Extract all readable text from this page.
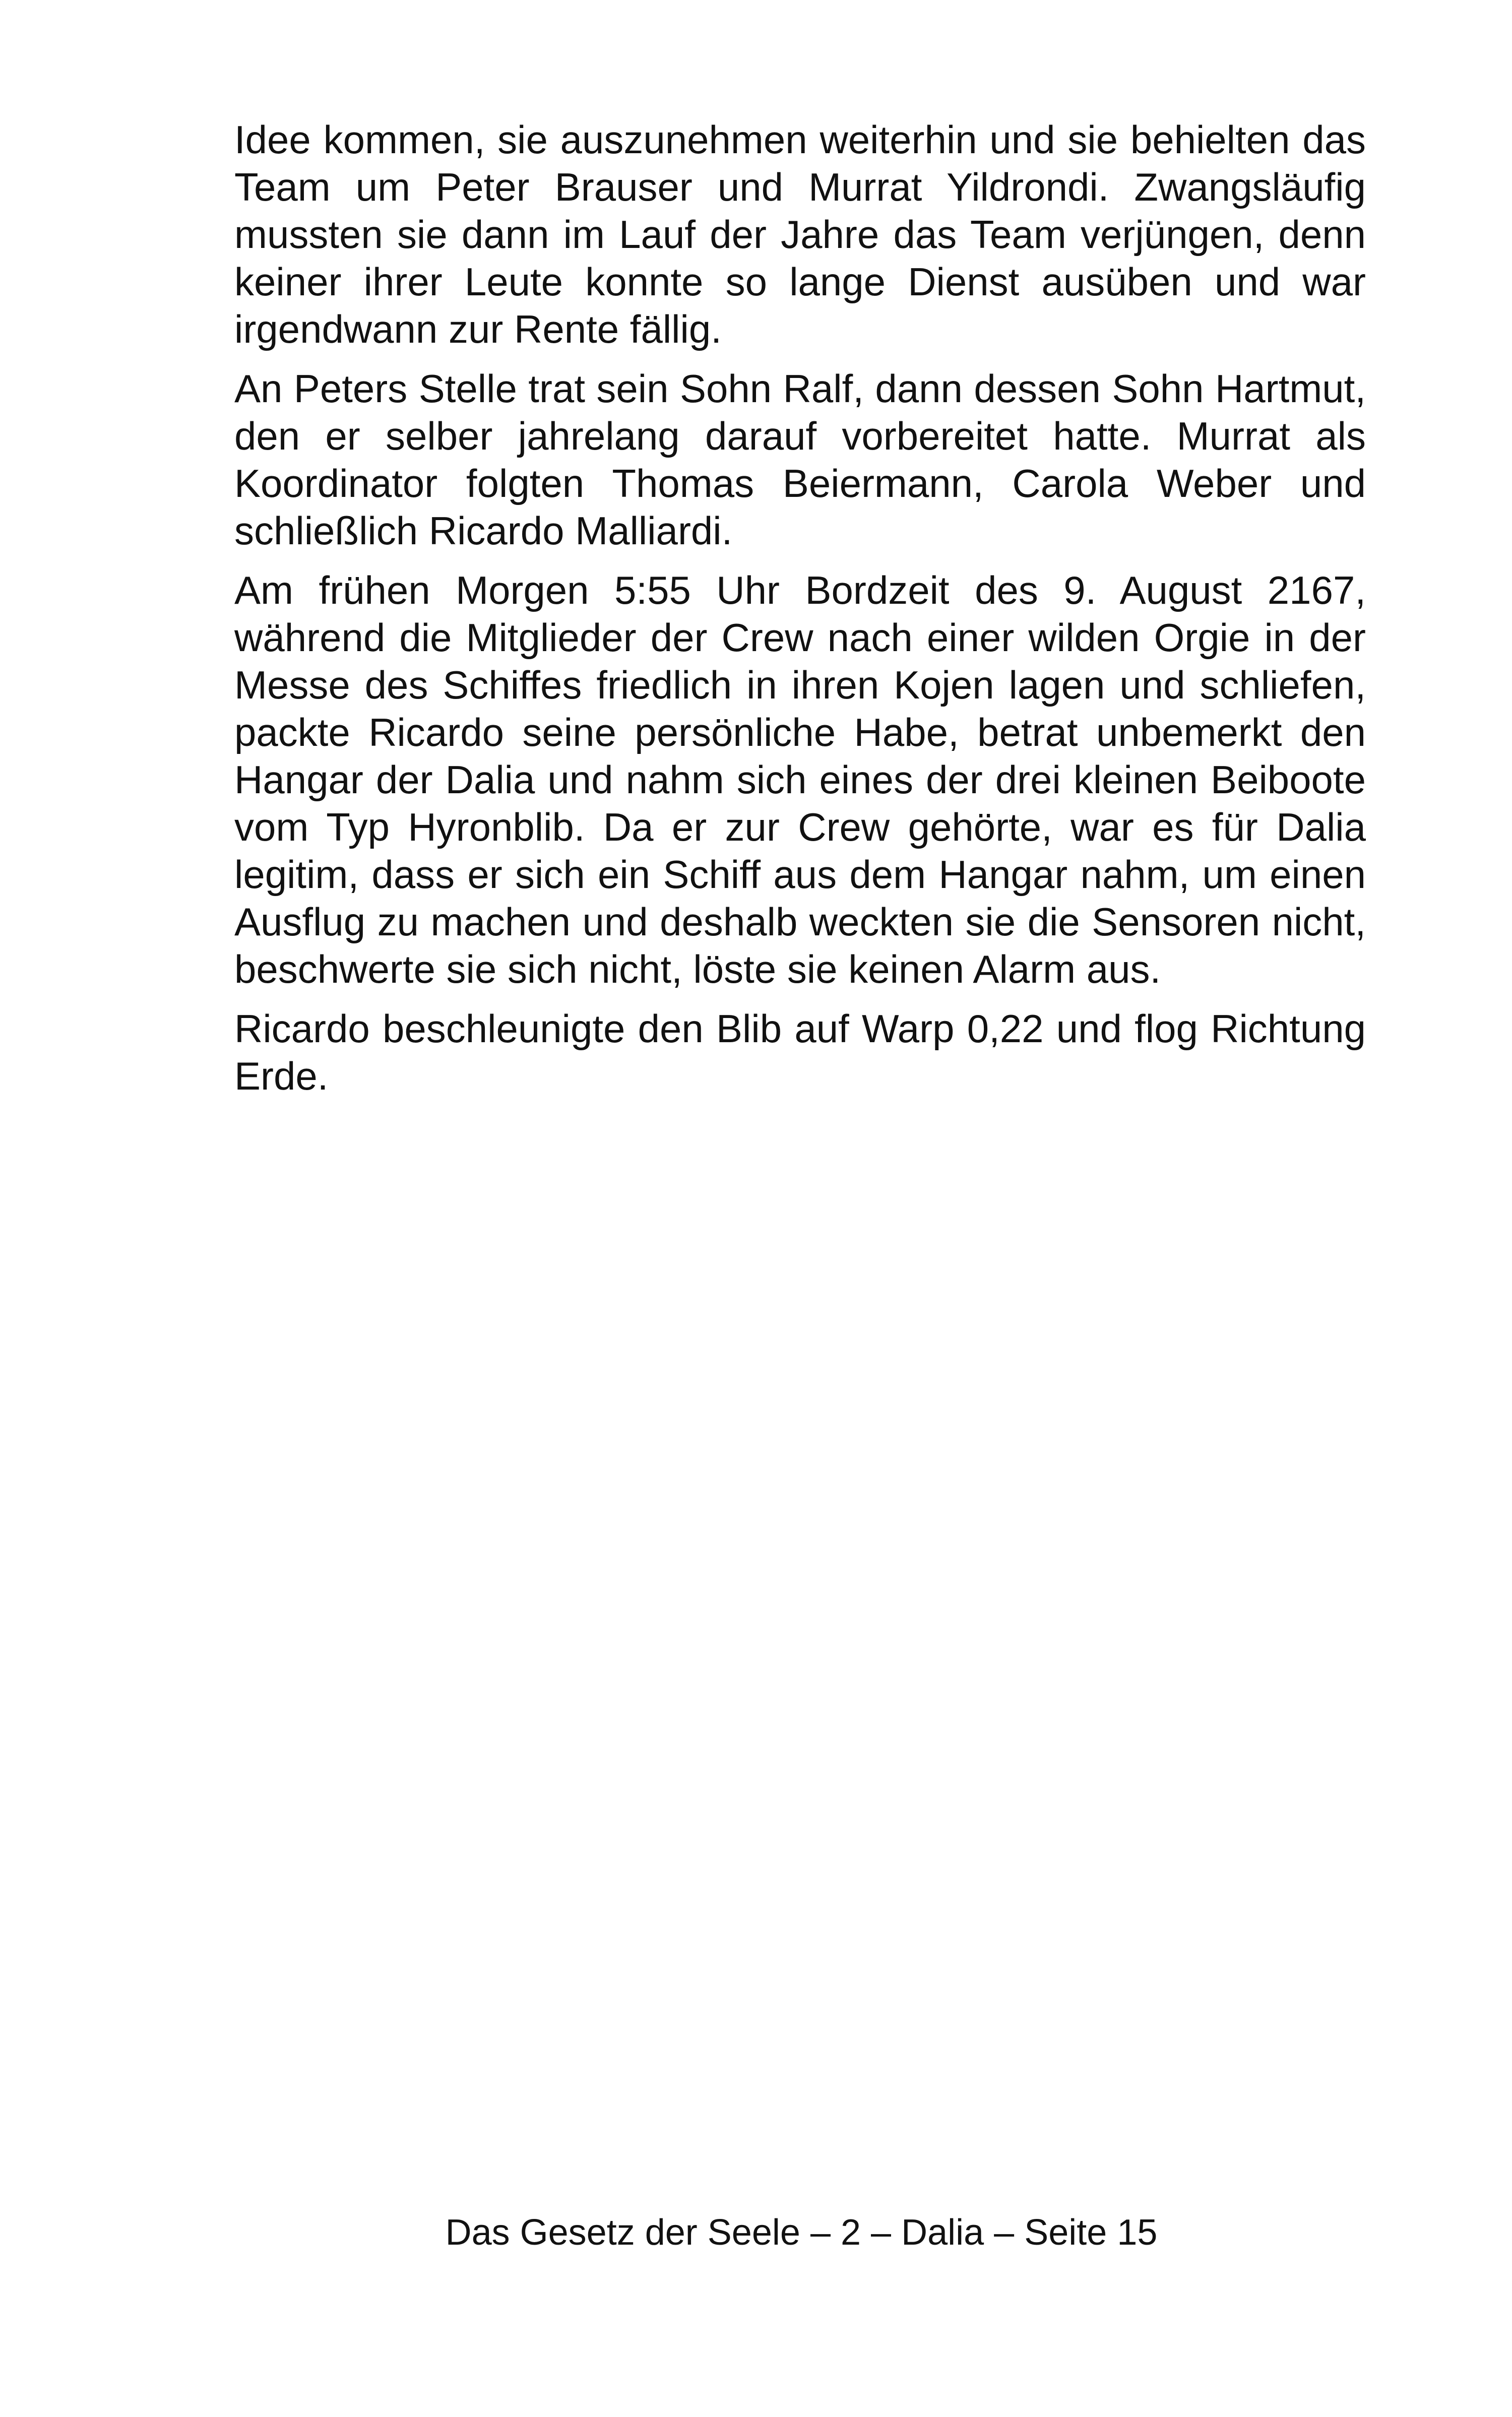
Idee kommen, sie auszunehmen weiterhin und sie behielten das Team um Peter Brauser und Murrat Yildrondi. Zwangsläufig mussten sie dann im Lauf der Jahre das Team verjüngen, denn keiner ihrer Leute konnte so lange Dienst ausüben und war irgendwann zur Rente fällig.

An Peters Stelle trat sein Sohn Ralf, dann dessen Sohn Hartmut, den er selber jahrelang darauf vorbereitet hatte. Murrat als Koordinator folgten Thomas Beiermann, Carola Weber und schließlich Ricardo Malliardi.

Am frühen Morgen 5:55 Uhr Bordzeit des 9. August 2167, während die Mitglieder der Crew nach einer wilden Orgie in der Messe des Schiffes friedlich in ihren Kojen lagen und schliefen, packte Ricardo seine persönliche Habe, betrat unbemerkt den Hangar der Dalia und nahm sich eines der drei kleinen Beiboote vom Typ Hyronblib. Da er zur Crew gehörte, war es für Dalia legitim, dass er sich ein Schiff aus dem Hangar nahm, um einen Ausflug zu machen und deshalb weckten sie die Sensoren nicht, beschwerte sie sich nicht, löste sie keinen Alarm aus.

Ricardo beschleunigte den Blib auf Warp 0,22 und flog Richtung Erde.

Das Gesetz der Seele – 2 – Dalia – Seite 15
